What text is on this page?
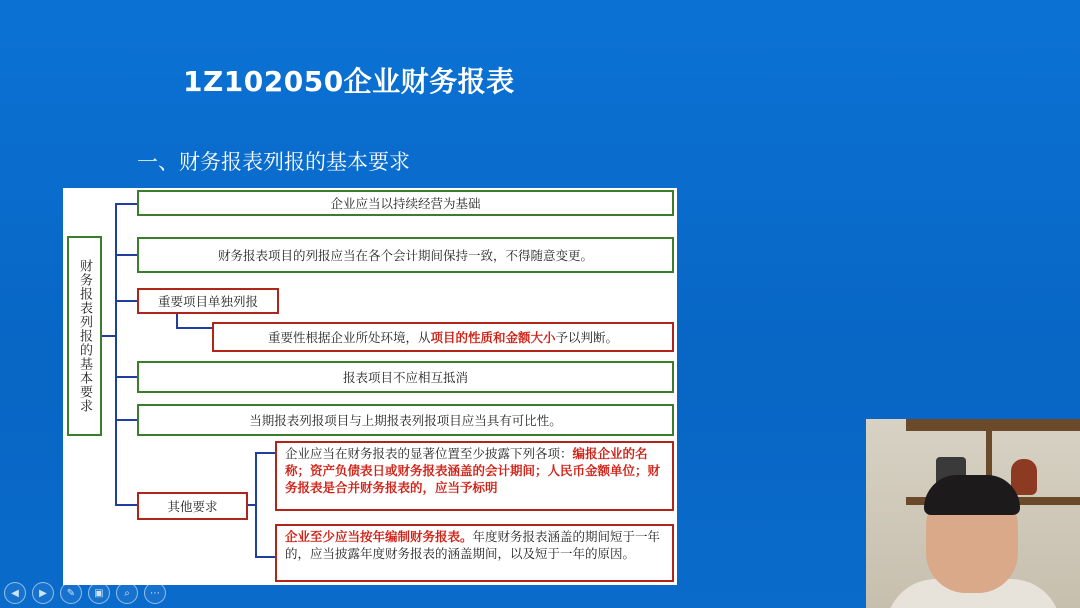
1Z102050企业财务报表
一、财务报表列报的基本要求
财务报表列报的基本要求
企业应当以持续经营为基础
财务报表项目的列报应当在各个会计期间保持一致，不得随意变更。
重要项目单独列报
重要性根据企业所处环境，从 项目的性质和金额大小 予以判断。
报表项目不应相互抵消
当期报表列报项目与上期报表列报项目应当具有可比性。
其他要求
企业应当在财务报表的显著位置至少披露下列各项：编报企业的名称；资产负债表日或财务报表涵盖的会计期间；人民币金额单位；财务报表是合并财务报表的，应当予标明
企业至少应当按年编制财务报表。年度财务报表涵盖的期间短于一年的，应当披露年度财务报表的涵盖期间，以及短于一年的原因。
◀	▶	✎	▣	⌕	⋯
